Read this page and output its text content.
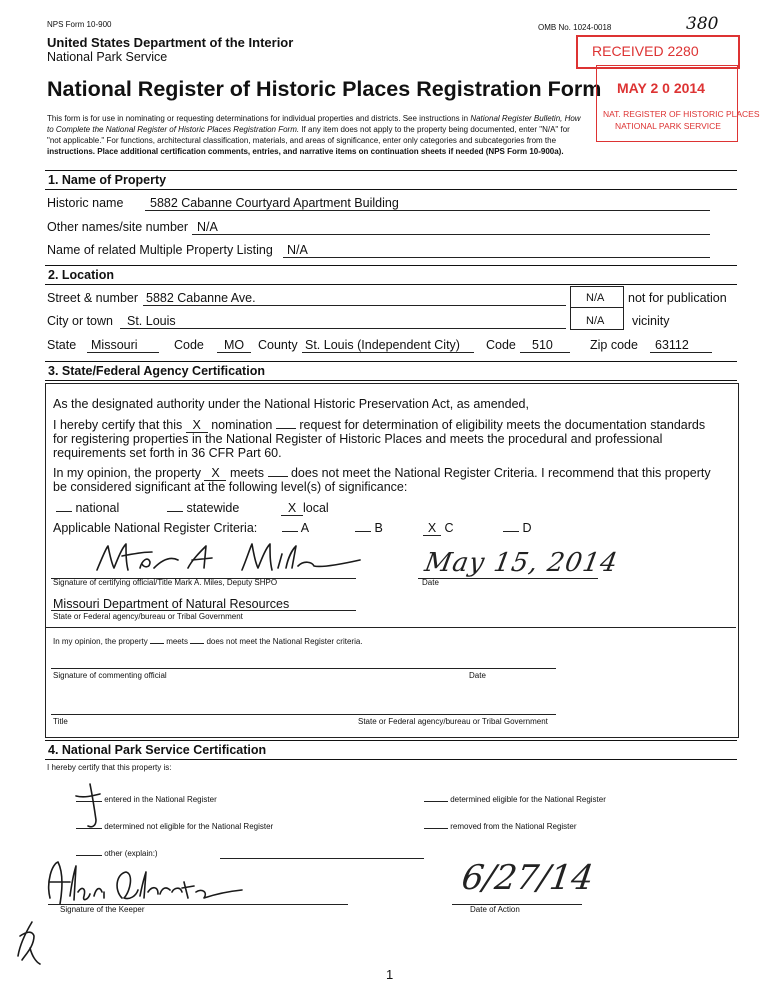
NPS Form 10-900
United States Department of the Interior
National Park Service
OMB No. 1024-0018	380
National Register of Historic Places Registration Form
RECEIVED 2280
MAY 2 0 2014
NAT. REGISTER OF HISTORIC PLACES
NATIONAL PARK SERVICE
This form is for use in nominating or requesting determinations for individual properties and districts. See instructions in National Register Bulletin, How
to Complete the National Register of Historic Places Registration Form. If any item does not apply to the property being documented, enter "N/A" for
"not applicable." For functions, architectural classification, materials, and areas of significance, enter only categories and subcategories from the
instructions. Place additional certification comments, entries, and narrative items on continuation sheets if needed (NPS Form 10-900a).
1. Name of Property
Historic name 5882 Cabanne Courtyard Apartment Building
Other names/site number N/A
Name of related Multiple Property Listing N/A
2. Location
Street & number 5882 Cabanne Ave.	N/A not for publication
City or town St. Louis	N/A vicinity
State Missouri	Code MO County St. Louis (Independent City) Code 510	Zip code 63112
3. State/Federal Agency Certification
As the designated authority under the National Historic Preservation Act, as amended,
I hereby certify that this X nomination request for determination of eligibility meets the documentation standards
for registering properties in the National Register of Historic Places and meets the procedural and professional
requirements set forth in 36 CFR Part 60.
In my opinion, the property X meets does not meet the National Register Criteria. I recommend that this property
be considered significant at the following level(s) of significance:
national	statewide	X local
Applicable National Register Criteria:	A	B	X C	D
May 15, 2014
Signature of certifying official/Title Mark A. Miles, Deputy SHPO	Date
Missouri Department of Natural Resources
State or Federal agency/bureau or Tribal Government
In my opinion, the property meets does not meet the National Register criteria.
Signature of commenting official	Date
Title	State or Federal agency/bureau or Tribal Government
4. National Park Service Certification
I hereby certify that this property is:
entered in the National Register	determined eligible for the National Register
determined not eligible for the National Register	removed from the National Register
other (explain:)
Signature of the Keeper
6/27/14
Date of Action
1
